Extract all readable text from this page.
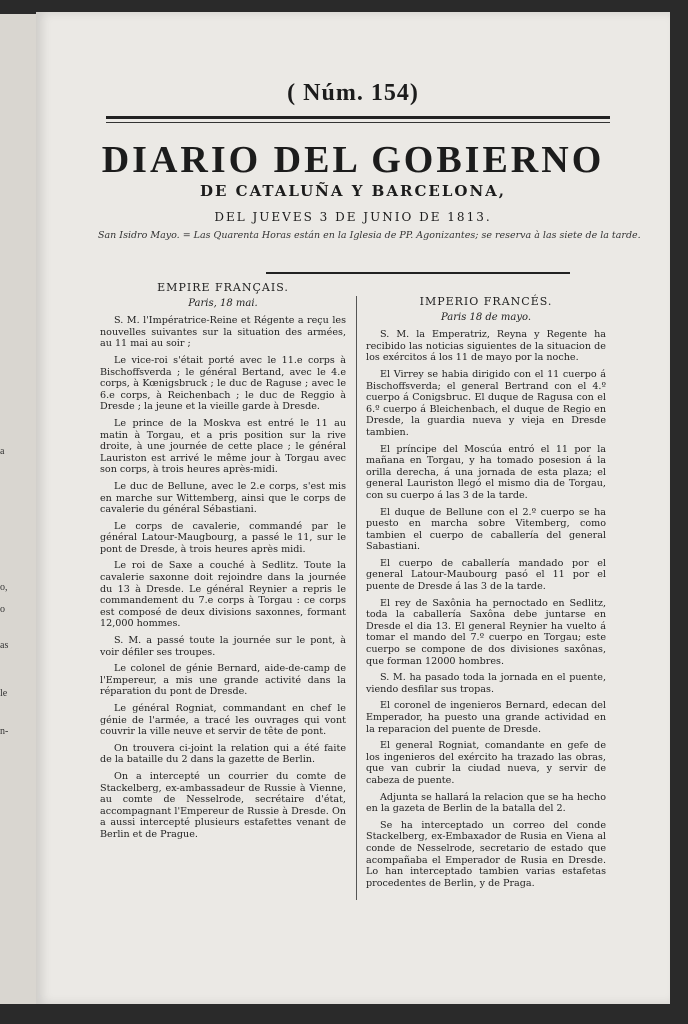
a
o,
o
as
le
n-
( Núm. 154)
DIARIO DEL GOBIERNO
DE CATALUÑA Y BARCELONA,
DEL JUEVES 3 DE JUNIO DE 1813.
San Isidro Mayo. = Las Quarenta Horas están en la Iglesia de PP. Agonizantes; se reserva à las siete de la tarde.
EMPIRE FRANÇAIS.
Paris, 18 mai.

S. M. l'Impératrice-Reine et Régente a reçu les nouvelles suivantes sur la situation des armées, au 11 mai au soir ;

Le vice-roi s'était porté avec le 11.e corps à Bischoffsverda ; le général Bertand, avec le 4.e corps, à Kœnigsbruck ; le duc de Raguse ; avec le 6.e corps, à Reichenbach ; le duc de Reggio à Dresde ; la jeune et la vieille garde à Dresde.

Le prince de la Moskva est entré le 11 au matin à Torgau, et a pris position sur la rive droite, à une journée de cette place ; le général Lauriston est arrivé le même jour à Torgau avec son corps, à trois heures après-midi.

Le duc de Bellune, avec le 2.e corps, s'est mis en marche sur Wittemberg, ainsi que le corps de cavalerie du général Sébastiani.

Le corps de cavalerie, commandé par le général Latour-Maugbourg, a passé le 11, sur le pont de Dresde, à trois heures après midi.

Le roi de Saxe a couché à Sedlitz. Toute la cavalerie saxonne doit rejoindre dans la journée du 13 à Dresde. Le général Reynier a repris le commandement du 7.e corps à Torgau : ce corps est composé de deux divisions saxonnes, formant 12,000 hommes.

S. M. a passé toute la journée sur le pont, à voir défiler ses troupes.

Le colonel de génie Bernard, aide-de-camp de l'Empereur, a mis une grande activité dans la réparation du pont de Dresde.

Le général Rogniat, commandant en chef le génie de l'armée, a tracé les ouvrages qui vont couvrir la ville neuve et servir de tête de pont.

On trouvera ci-joint la relation qui a été faite de la bataille du 2 dans la gazette de Berlin.

On a intercepté un courrier du comte de Stackelberg, ex-ambassadeur de Russie à Vienne, au comte de Nesselrode, secrétaire d'état, accompagnant l'Empereur de Russie à Dresde. On a aussi intercepté plusieurs estafettes venant de Berlin et de Prague.

IMPERIO FRANCÉS.
Paris 18 de mayo.

S. M. la Emperatriz, Reyna y Regente ha recibido las noticias siguientes de la situacion de los exércitos á los 11 de mayo por la noche.

El Virrey se habia dirigido con el 11 cuerpo á Bischoffsverda; el general Bertrand con el 4.º cuerpo á Conigsbruc. El duque de Ragusa con el 6.º cuerpo á Bleichenbach, el duque de Regio en Dresde, la guardia nueva y vieja en Dresde tambien.

El príncipe del Moscúa entró el 11 por la mañana en Torgau, y ha tomado posesion á la orilla derecha, á una jornada de esta plaza; el general Lauriston llegó el mismo dia de Torgau, con su cuerpo á las 3 de la tarde.

El duque de Bellune con el 2.º cuerpo se ha puesto en marcha sobre Vitemberg, como tambien el cuerpo de caballería del general Sabastiani.

El cuerpo de caballería mandado por el general Latour-Maubourg pasó el 11 por el puente de Dresde á las 3 de la tarde.

El rey de Saxônia ha pernoctado en Sedlitz, toda la caballería Saxôna debe juntarse en Dresde el dia 13. El general Reynier ha vuelto á tomar el mando del 7.º cuerpo en Torgau; este cuerpo se compone de dos divisiones saxônas, que forman 12000 hombres.

S. M. ha pasado toda la jornada en el puente, viendo desfilar sus tropas.

El coronel de ingenieros Bernard, edecan del Emperador, ha puesto una grande actividad en la reparacion del puente de Dresde.

El general Rogniat, comandante en gefe de los ingenieros del exército ha trazado las obras, que van cubrir la ciudad nueva, y servir de cabeza de puente.

Adjunta se hallará la relacion que se ha hecho en la gazeta de Berlin de la batalla del 2.

Se ha interceptado un correo del conde Stackelberg, ex-Embaxador de Rusia en Viena al conde de Nesselrode, secretario de estado que acompañaba el Emperador de Rusia en Dresde. Lo han interceptado tambien varias estafetas procedentes de Berlin, y de Praga.
